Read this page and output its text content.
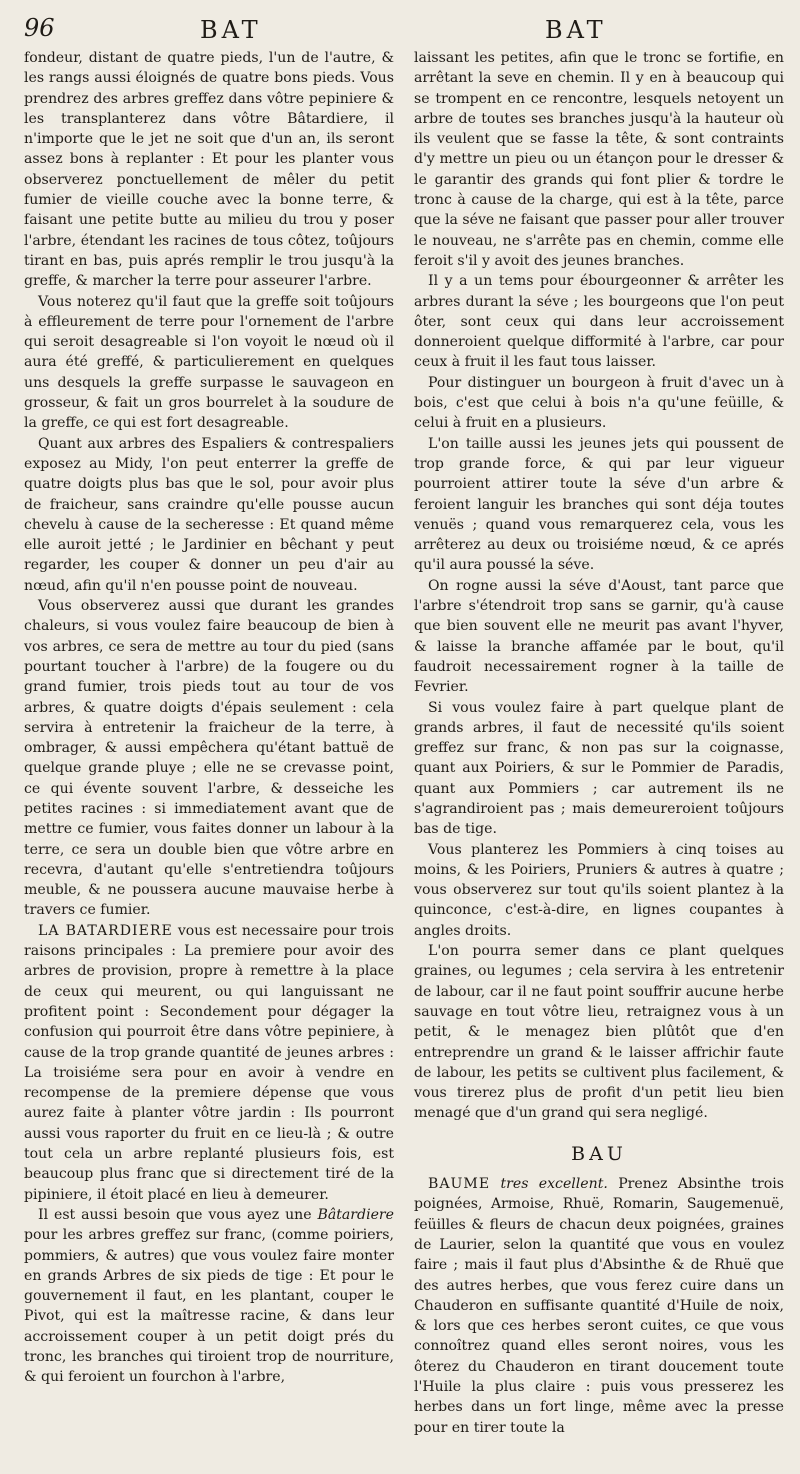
96	BAT	BAT

fondeur, distant de quatre pieds, l'un de l'autre, & les rangs aussi éloignés de quatre bons pieds. Vous prendrez des arbres greffez dans vôtre pepiniere & les transplanterez dans vôtre Bâtardiere, il n'importe que le jet ne soit que d'un an, ils seront assez bons à replanter : Et pour les planter vous observerez ponctuellement de mêler du petit fumier de vieille couche avec la bonne terre, & faisant une petite butte au milieu du trou y poser l'arbre, étendant les racines de tous côtez, toûjours tirant en bas, puis aprés remplir le trou jusqu'à la greffe, & marcher la terre pour asseurer l'arbre.

Vous noterez qu'il faut que la greffe soit toûjours à effleurement de terre pour l'ornement de l'arbre qui seroit desagreable si l'on voyoit le nœud où il aura été greffé, & particulierement en quelques uns desquels la greffe surpasse le sauvageon en grosseur, & fait un gros bourrelet à la soudure de la greffe, ce qui est fort desagreable.

Quant aux arbres des Espaliers & contrespaliers exposez au Midy, l'on peut enterrer la greffe de quatre doigts plus bas que le sol, pour avoir plus de fraicheur, sans craindre qu'elle pousse aucun chevelu à cause de la secheresse : Et quand même elle auroit jetté ; le Jardinier en bêchant y peut regarder, les couper & donner un peu d'air au nœud, afin qu'il n'en pousse point de nouveau.

Vous observerez aussi que durant les grandes chaleurs, si vous voulez faire beaucoup de bien à vos arbres, ce sera de mettre au tour du pied (sans pourtant toucher à l'arbre) de la fougere ou du grand fumier, trois pieds tout au tour de vos arbres, & quatre doigts d'épais seulement : cela servira à entretenir la fraicheur de la terre, à ombrager, & aussi empêchera qu'étant battuë de quelque grande pluye ; elle ne se crevasse point, ce qui évente souvent l'arbre, & desseiche les petites racines : si immediatement avant que de mettre ce fumier, vous faites donner un labour à la terre, ce sera un double bien que vôtre arbre en recevra, d'autant qu'elle s'entretiendra toûjours meuble, & ne poussera aucune mauvaise herbe à travers ce fumier.

LA BATARDIERE vous est necessaire pour trois raisons principales : La premiere pour avoir des arbres de provision, propre à remettre à la place de ceux qui meurent, ou qui languissant ne profitent point : Secondement pour dégager la confusion qui pourroit être dans vôtre pepiniere, à cause de la trop grande quantité de jeunes arbres : La troisiéme sera pour en avoir à vendre en recompense de la premiere dépense que vous aurez faite à planter vôtre jardin : Ils pourront aussi vous raporter du fruit en ce lieu-là ; & outre tout cela un arbre replanté plusieurs fois, est beaucoup plus franc que si directement tiré de la pipiniere, il étoit placé en lieu à demeurer.

Il est aussi besoin que vous ayez une Bâtardiere pour les arbres greffez sur franc, (comme poiriers, pommiers, & autres) que vous voulez faire monter en grands Arbres de six pieds de tige : Et pour le gouvernement il faut, en les plantant, couper le Pivot, qui est la maîtresse racine, & dans leur accroissement couper à un petit doigt prés du tronc, les branches qui tiroient trop de nourriture, & qui feroient un fourchon à l'arbre,

laissant les petites, afin que le tronc se fortifie, en arrêtant la seve en chemin. Il y en à beaucoup qui se trompent en ce rencontre, lesquels netoyent un arbre de toutes ses branches jusqu'à la hauteur où ils veulent que se fasse la tête, & sont contraints d'y mettre un pieu ou un étançon pour le dresser & le garantir des grands qui font plier & tordre le tronc à cause de la charge, qui est à la tête, parce que la séve ne faisant que passer pour aller trouver le nouveau, ne s'arrête pas en chemin, comme elle feroit s'il y avoit des jeunes branches.

Il y a un tems pour ébourgeonner & arrêter les arbres durant la séve ; les bourgeons que l'on peut ôter, sont ceux qui dans leur accroissement donneroient quelque difformité à l'arbre, car pour ceux à fruit il les faut tous laisser.

Pour distinguer un bourgeon à fruit d'avec un à bois, c'est que celui à bois n'a qu'une feüille, & celui à fruit en a plusieurs.

L'on taille aussi les jeunes jets qui poussent de trop grande force, & qui par leur vigueur pourroient attirer toute la séve d'un arbre & feroient languir les branches qui sont déja toutes venuës ; quand vous remarquerez cela, vous les arrêterez au deux ou troisiéme nœud, & ce aprés qu'il aura poussé la séve.

On rogne aussi la séve d'Aoust, tant parce que l'arbre s'étendroit trop sans se garnir, qu'à cause que bien souvent elle ne meurit pas avant l'hyver, & laisse la branche affamée par le bout, qu'il faudroit necessairement rogner à la taille de Fevrier.

Si vous voulez faire à part quelque plant de grands arbres, il faut de necessité qu'ils soient greffez sur franc, & non pas sur la coignasse, quant aux Poiriers, & sur le Pommier de Paradis, quant aux Pommiers ; car autrement ils ne s'agrandiroient pas ; mais demeureroient toûjours bas de tige.

Vous planterez les Pommiers à cinq toises au moins, & les Poiriers, Pruniers & autres à quatre ; vous observerez sur tout qu'ils soient plantez à la quinconce, c'est-à-dire, en lignes coupantes à angles droits.

L'on pourra semer dans ce plant quelques graines, ou legumes ; cela servira à les entretenir de labour, car il ne faut point souffrir aucune herbe sauvage en tout vôtre lieu, retraignez vous à un petit, & le menagez bien plûtôt que d'en entreprendre un grand & le laisser affrichir faute de labour, les petits se cultivent plus facilement, & vous tirerez plus de profit d'un petit lieu bien menagé que d'un grand qui sera negligé.

BAU

BAUME tres excellent. Prenez Absinthe trois poignées, Armoise, Rhuë, Romarin, Saugemenuë, feüilles & fleurs de chacun deux poignées, graines de Laurier, selon la quantité que vous en voulez faire ; mais il faut plus d'Absinthe & de Rhuë que des autres herbes, que vous ferez cuire dans un Chauderon en suffisante quantité d'Huile de noix, & lors que ces herbes seront cuites, ce que vous connoîtrez quand elles seront noires, vous les ôterez du Chauderon en tirant doucement toute l'Huile la plus claire : puis vous presserez les herbes dans un fort linge, même avec la presse pour en tirer toute la
